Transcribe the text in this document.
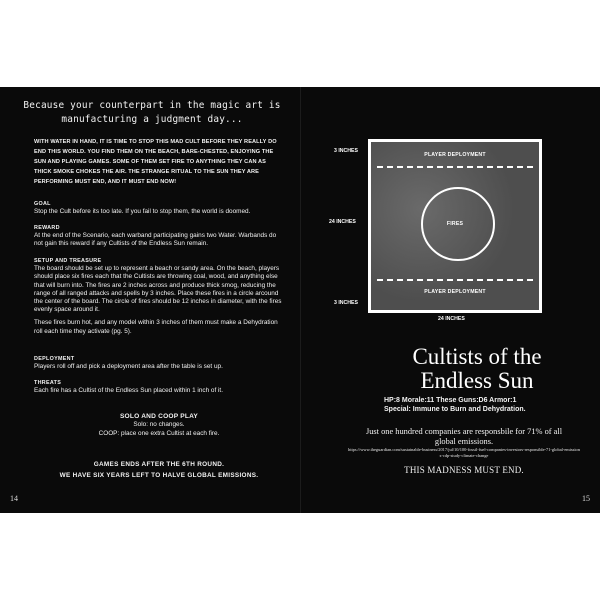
Because your counterpart in the magic art is manufacturing a judgment day...
WITH WATER IN HAND, IT IS TIME TO STOP THIS MAD CULT BEFORE THEY REALLY DO END THIS WORLD. YOU FIND THEM ON THE BEACH, BARE-CHESTED, ENJOYING THE SUN AND PLAYING GAMES. SOME OF THEM SET FIRE TO ANYTHING THEY CAN AS THICK SMOKE CHOKES THE AIR. THE STRANGE RITUAL TO THE SUN THEY ARE PERFORMING MUST END, AND IT MUST END NOW!
GOAL

Stop the Cult before its too late. If you fail to stop them, the world is doomed.

REWARD

At the end of the Scenario, each warband participating gains two Water. Warbands do not gain this reward if any Cultists of the Endless Sun remain.

SETUP AND TREASURE

The board should be set up to represent a beach or sandy area. On the beach, players should place six fires each that the Cultists are throwing coal, wood, and anything else that will burn into. The fires are 2 inches across and produce thick smog, reducing the range of all ranged attacks and spells by 3 inches. Place these fires in a circle arcound the center of the board. The circle of fires should be 12 inches in diameter, with the fires evenly space around it.

These fires burn hot, and any model within 3 inches of them must make a Dehydration roll each time they activate (pg. 5).

DEPLOYMENT

Players roll off and pick a deployment area after the table is set up.

THREATS

Each fire has a Cultist of the Endless Sun placed within 1 inch of it.

SOLO AND COOP PLAY
Solo: no changes.
COOP: place one extra Cultist at each fire.
GAMES ENDS AFTER THE 6TH ROUND.
WE HAVE SIX YEARS LEFT TO HALVE GLOBAL EMISSIONS.
14
3 INCHES
24 INCHES
3 INCHES
PLAYER DEPLOYMENT
FIRES
PLAYER DEPLOYMENT
24 INCHES
Cultists of the
Endless Sun
HP:8 Morale:11 These Guns:D6 Armor:1
Special: Immune to Burn and Dehydration.
Just one hundred companies are responsbile for 71% of all
global emissions.
https://www.theguardian.com/sustainable-business/2017/jul/10/100-fossil-fuel-companies-investors-responsible-71-global-emissions-cdp-study-climate-change
THIS MADNESS MUST END.
15
